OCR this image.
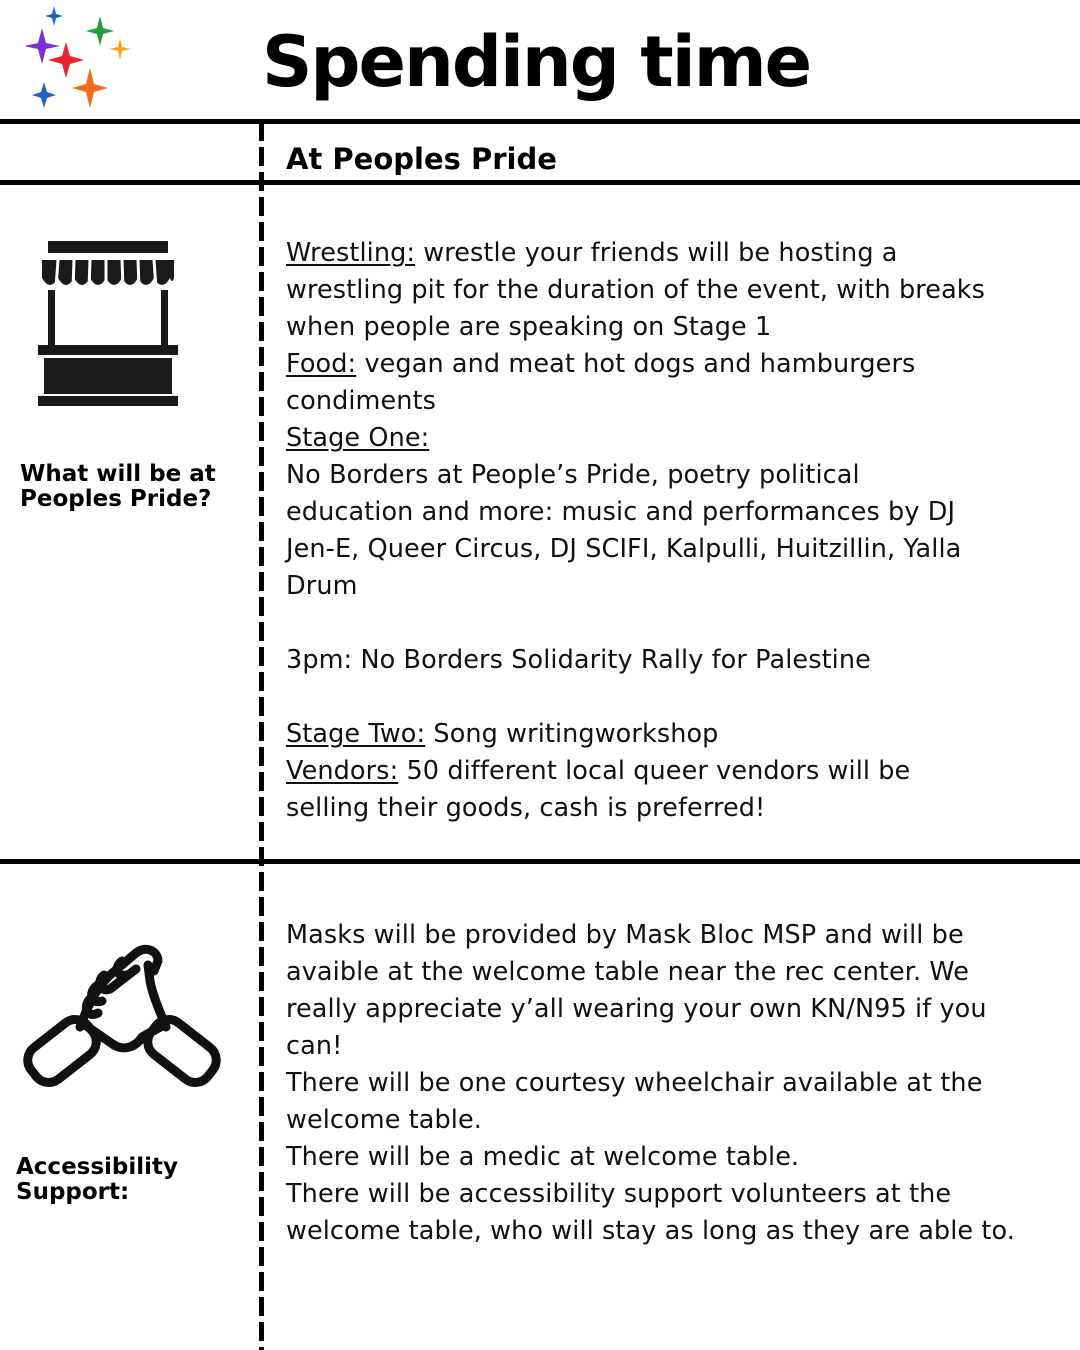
Spending time
At Peoples Pride
What will be at
Peoples Pride?
Wrestling: wrestle your friends will be hosting a
wrestling pit for the duration of the event, with breaks
when people are speaking on Stage 1
Food: vegan and meat hot dogs and hamburgers
condiments
Stage One:
No Borders at People’s Pride, poetry political
education and more: music and performances by DJ
Jen-E, Queer Circus, DJ SCIFI, Kalpulli, Huitzillin, Yalla
Drum
3pm: No Borders Solidarity Rally for Palestine
Stage Two: Song writingworkshop
Vendors: 50 different local queer vendors will be
selling their goods, cash is preferred!
Accessibility
Support:
Masks will be provided by Mask Bloc MSP and will be
avaible at the welcome table near the rec center. We
really appreciate y’all wearing your own KN/N95 if you
can!
There will be one courtesy wheelchair available at the
welcome table.
There will be a medic at welcome table.
There will be accessibility support volunteers at the
welcome table, who will stay as long as they are able to.
